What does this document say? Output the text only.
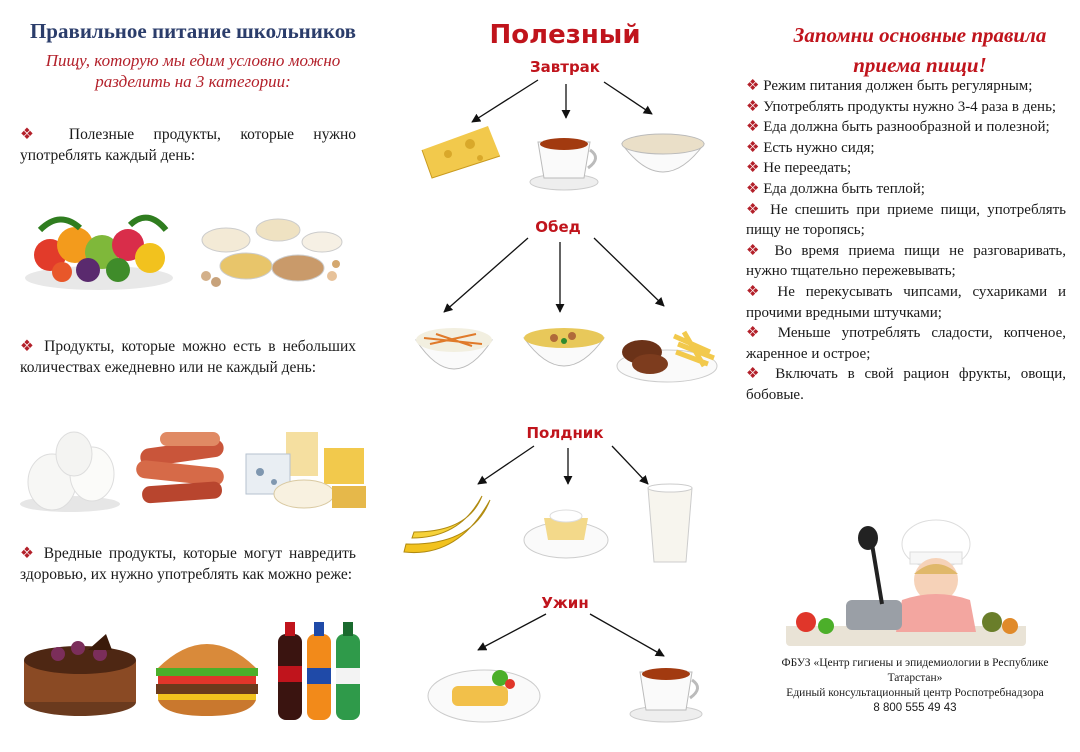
Правильное питание школьников
Пищу, которую мы едим условно можно разделить на 3 категории:
❖ Полезные продукты, которые нужно употреблять каждый день:
❖ Продукты, которые можно есть в небольших количествах ежедневно или не каждый день:
❖ Вредные продукты, которые могут навредить здоровью, их нужно употреблять как можно реже:
Полезный
Завтрак
Обед
Полдник
Ужин
Запомни основные правила приема пищи!
❖ Режим питания должен быть регулярным;
❖ Употреблять продукты нужно 3-4 раза в день;
❖ Еда должна быть разнообразной и полезной;
❖ Есть нужно сидя;
❖ Не переедать;
❖ Еда должна быть теплой;
❖ Не спешить при приеме пищи, употреблять пищу не торопясь;
❖ Во время приема пищи не разговаривать, нужно тщательно пережевывать;
❖ Не перекусывать чипсами, сухариками и прочими вредными штучками;
❖ Меньше употреблять сладости, копченое, жаренное и острое;
❖ Включать в свой рацион фрукты, овощи, бобовые.
ФБУЗ «Центр гигиены и эпидемиологии в Республике Татарстан»
Единый консультационный центр Роспотребнадзора
8 800 555 49 43
